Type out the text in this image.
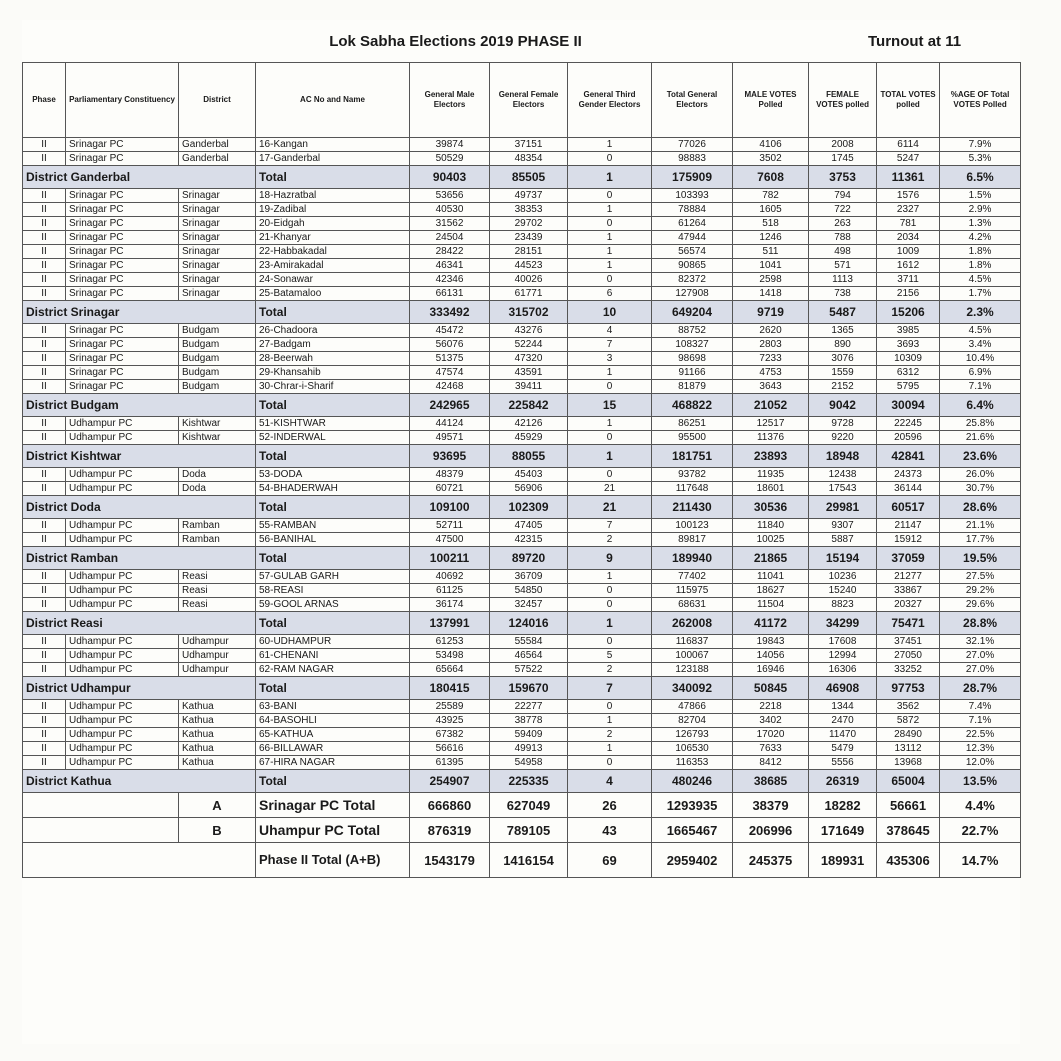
		Lok Sabha Elections 2019 PHASE II							Turnout at 11		
Phase	Parliamentary Constituency	District	AC No and Name	General Male Electors	General Female Electors	General Third Gender Electors	Total General Electors	MALE VOTES Polled	FEMALE VOTES polled	TOTAL VOTES polled	%AGE OF Total VOTES Polled
II	Srinagar PC	Ganderbal	16-Kangan	39874	37151	1	77026	4106	2008	6114	7.9%
II	Srinagar PC	Ganderbal	17-Ganderbal	50529	48354	0	98883	3502	1745	5247	5.3%
District Ganderbal			Total	90403	85505	1	175909	7608	3753	11361	6.5%
II	Srinagar PC	Srinagar	18-Hazratbal	53656	49737	0	103393	782	794	1576	1.5%
II	Srinagar PC	Srinagar	19-Zadibal	40530	38353	1	78884	1605	722	2327	2.9%
II	Srinagar PC	Srinagar	20-Eidgah	31562	29702	0	61264	518	263	781	1.3%
II	Srinagar PC	Srinagar	21-Khanyar	24504	23439	1	47944	1246	788	2034	4.2%
II	Srinagar PC	Srinagar	22-Habbakadal	28422	28151	1	56574	511	498	1009	1.8%
II	Srinagar PC	Srinagar	23-Amirakadal	46341	44523	1	90865	1041	571	1612	1.8%
II	Srinagar PC	Srinagar	24-Sonawar	42346	40026	0	82372	2598	1113	3711	4.5%
II	Srinagar PC	Srinagar	25-Batamaloo	66131	61771	6	127908	1418	738	2156	1.7%
District Srinagar			Total	333492	315702	10	649204	9719	5487	15206	2.3%
II	Srinagar PC	Budgam	26-Chadoora	45472	43276	4	88752	2620	1365	3985	4.5%
II	Srinagar PC	Budgam	27-Badgam	56076	52244	7	108327	2803	890	3693	3.4%
II	Srinagar PC	Budgam	28-Beerwah	51375	47320	3	98698	7233	3076	10309	10.4%
II	Srinagar PC	Budgam	29-Khansahib	47574	43591	1	91166	4753	1559	6312	6.9%
II	Srinagar PC	Budgam	30-Chrar-i-Sharif	42468	39411	0	81879	3643	2152	5795	7.1%
District Budgam			Total	242965	225842	15	468822	21052	9042	30094	6.4%
II	Udhampur PC	Kishtwar	51-KISHTWAR	44124	42126	1	86251	12517	9728	22245	25.8%
II	Udhampur PC	Kishtwar	52-INDERWAL	49571	45929	0	95500	11376	9220	20596	21.6%
District Kishtwar			Total	93695	88055	1	181751	23893	18948	42841	23.6%
II	Udhampur PC	Doda	53-DODA	48379	45403	0	93782	11935	12438	24373	26.0%
II	Udhampur PC	Doda	54-BHADERWAH	60721	56906	21	117648	18601	17543	36144	30.7%
District Doda			Total	109100	102309	21	211430	30536	29981	60517	28.6%
II	Udhampur PC	Ramban	55-RAMBAN	52711	47405	7	100123	11840	9307	21147	21.1%
II	Udhampur PC	Ramban	56-BANIHAL	47500	42315	2	89817	10025	5887	15912	17.7%
District Ramban			Total	100211	89720	9	189940	21865	15194	37059	19.5%
II	Udhampur PC	Reasi	57-GULAB GARH	40692	36709	1	77402	11041	10236	21277	27.5%
II	Udhampur PC	Reasi	58-REASI	61125	54850	0	115975	18627	15240	33867	29.2%
II	Udhampur PC	Reasi	59-GOOL ARNAS	36174	32457	0	68631	11504	8823	20327	29.6%
District Reasi			Total	137991	124016	1	262008	41172	34299	75471	28.8%
II	Udhampur PC	Udhampur	60-UDHAMPUR	61253	55584	0	116837	19843	17608	37451	32.1%
II	Udhampur PC	Udhampur	61-CHENANI	53498	46564	5	100067	14056	12994	27050	27.0%
II	Udhampur PC	Udhampur	62-RAM NAGAR	65664	57522	2	123188	16946	16306	33252	27.0%
District Udhampur			Total	180415	159670	7	340092	50845	46908	97753	28.7%
II	Udhampur PC	Kathua	63-BANI	25589	22277	0	47866	2218	1344	3562	7.4%
II	Udhampur PC	Kathua	64-BASOHLI	43925	38778	1	82704	3402	2470	5872	7.1%
II	Udhampur PC	Kathua	65-KATHUA	67382	59409	2	126793	17020	11470	28490	22.5%
II	Udhampur PC	Kathua	66-BILLAWAR	56616	49913	1	106530	7633	5479	13112	12.3%
II	Udhampur PC	Kathua	67-HIRA NAGAR	61395	54958	0	116353	8412	5556	13968	12.0%
District Kathua			Total	254907	225335	4	480246	38685	26319	65004	13.5%
		A	Srinagar PC Total	666860	627049	26	1293935	38379	18282	56661	4.4%
		B	Uhampur PC Total	876319	789105	43	1665467	206996	171649	378645	22.7%
			Phase II Total (A+B)	1543179	1416154	69	2959402	245375	189931	435306	14.7%
